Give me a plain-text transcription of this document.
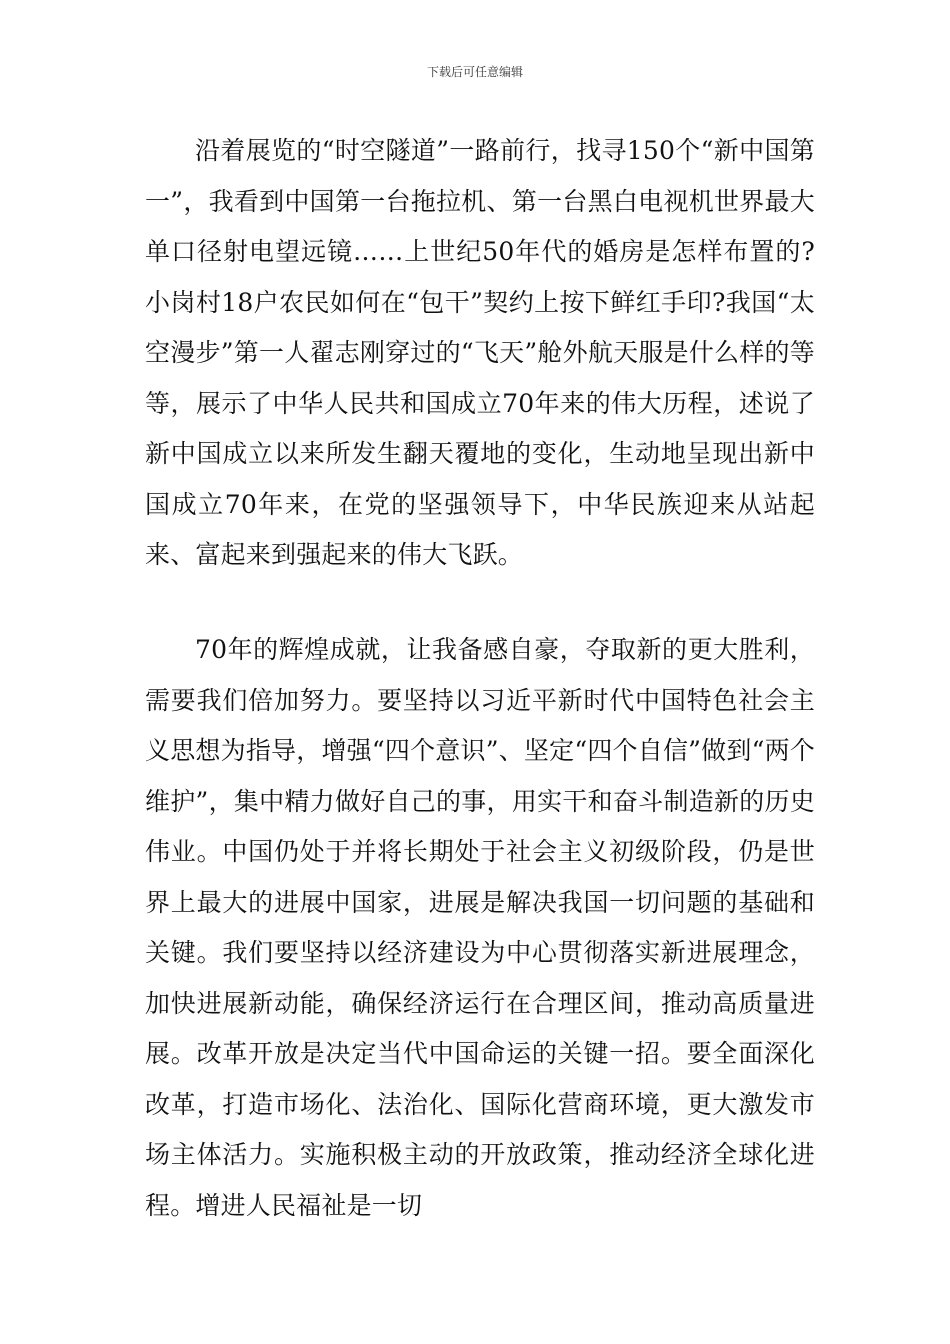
下载后可任意编辑

沿着展览的“时空隧道”一路前行，找寻150个“新中国第一”，我看到中国第一台拖拉机、第一台黑白电视机世界最大单口径射电望远镜……上世纪50年代的婚房是怎样布置的?小岗村18户农民如何在“包干”契约上按下鲜红手印?我国“太空漫步”第一人翟志刚穿过的“飞天”舱外航天服是什么样的等等，展示了中华人民共和国成立70年来的伟大历程，述说了新中国成立以来所发生翻天覆地的变化，生动地呈现出新中国成立70年来，在党的坚强领导下，中华民族迎来从站起来、富起来到强起来的伟大飞跃。

70年的辉煌成就，让我备感自豪，夺取新的更大胜利，需要我们倍加努力。要坚持以习近平新时代中国特色社会主义思想为指导，增强“四个意识”、坚定“四个自信”做到“两个维护”，集中精力做好自己的事，用实干和奋斗制造新的历史伟业。中国仍处于并将长期处于社会主义初级阶段，仍是世界上最大的进展中国家，进展是解决我国一切问题的基础和关键。我们要坚持以经济建设为中心贯彻落实新进展理念，加快进展新动能，确保经济运行在合理区间，推动高质量进展。改革开放是决定当代中国命运的关键一招。要全面深化改革，打造市场化、法治化、国际化营商环境，更大激发市场主体活力。实施积极主动的开放政策，推动经济全球化进程。增进人民福祉是一切
